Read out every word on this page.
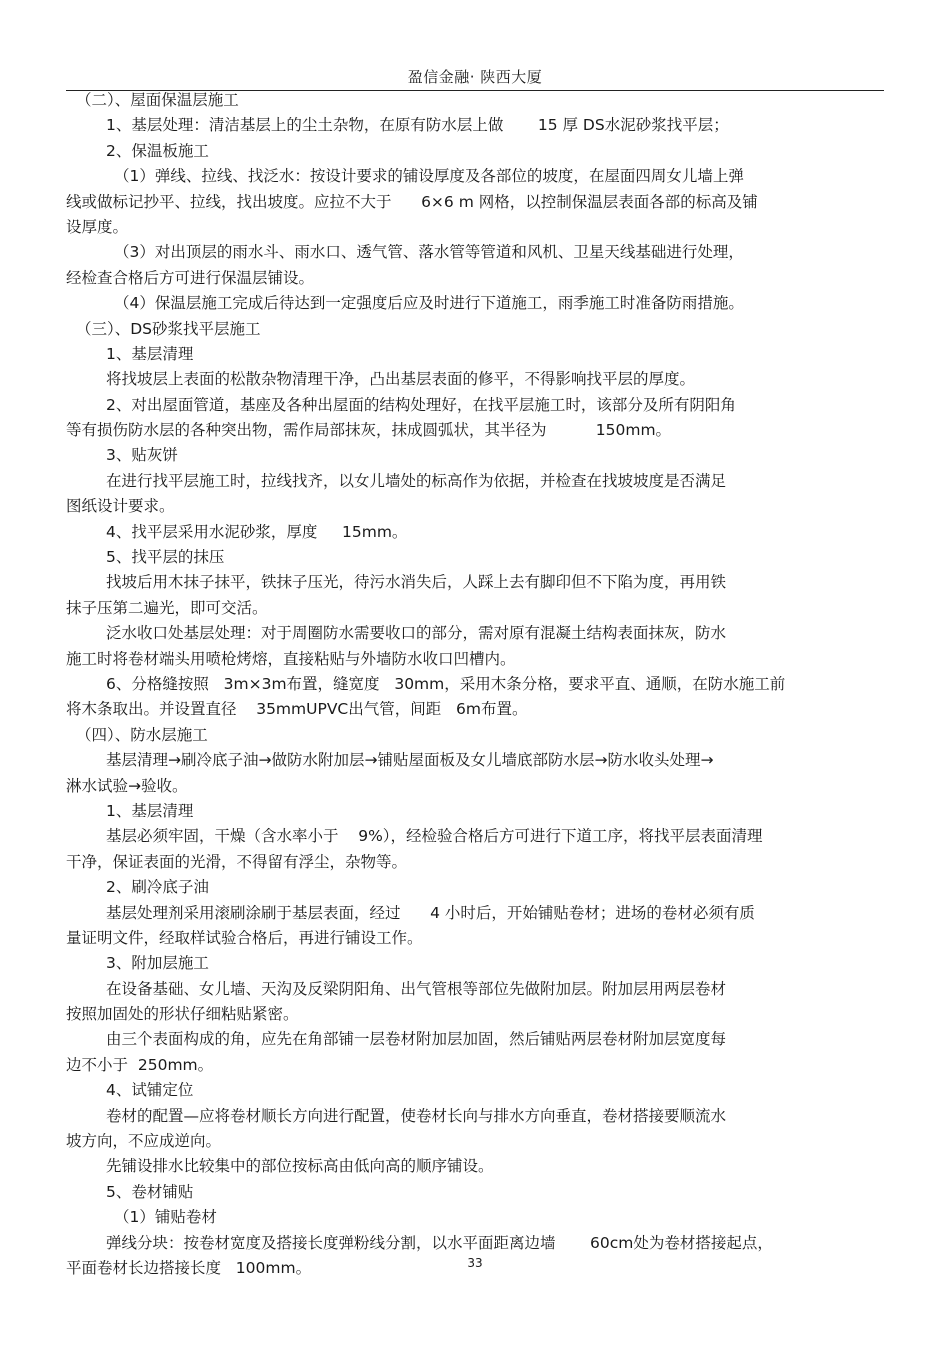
盈信金融· 陕西大厦
（二）、屋面保温层施工
1、基层处理：清洁基层上的尘土杂物，在原有防水层上做       15 厚 DS水泥砂浆找平层；
2、保温板施工
（1）弹线、拉线、找泛水：按设计要求的铺设厚度及各部位的坡度，在屋面四周女儿墙上弹
线或做标记抄平、拉线，找出坡度。应拉不大于      6×6 m 网格，以控制保温层表面各部的标高及铺
设厚度。
（3）对出顶层的雨水斗、雨水口、透气管、落水管等管道和风机、卫星天线基础进行处理，
经检查合格后方可进行保温层铺设。
（4）保温层施工完成后待达到一定强度后应及时进行下道施工，雨季施工时准备防雨措施。
（三）、DS砂浆找平层施工
1、基层清理
将找坡层上表面的松散杂物清理干净，凸出基层表面的修平，不得影响找平层的厚度。
2、对出屋面管道，基座及各种出屋面的结构处理好，在找平层施工时，该部分及所有阴阳角
等有损伤防水层的各种突出物，需作局部抹灰，抹成圆弧状，其半径为          150mm。
3、贴灰饼
在进行找平层施工时，拉线找齐，以女儿墙处的标高作为依据，并检查在找坡坡度是否满足
图纸设计要求。
4、找平层采用水泥砂浆，厚度     15mm。
5、找平层的抹压
找坡后用木抹子抹平，铁抹子压光，待污水消失后，人踩上去有脚印但不下陷为度，再用铁
抹子压第二遍光，即可交活。
泛水收口处基层处理：对于周圈防水需要收口的部分，需对原有混凝土结构表面抹灰，防水
施工时将卷材端头用喷枪烤熔，直接粘贴与外墙防水收口凹槽内。
6、分格缝按照   3m×3m布置，缝宽度   30mm，采用木条分格，要求平直、通顺，在防水施工前
将木条取出。并设置直径    35mmUPVC出气管，间距   6m布置。
（四）、防水层施工
基层清理→刷冷底子油→做防水附加层→铺贴屋面板及女儿墙底部防水层→防水收头处理→
淋水试验→验收。
1、基层清理
基层必须牢固，干燥（含水率小于    9%），经检验合格后方可进行下道工序，将找平层表面清理
干净，保证表面的光滑，不得留有浮尘，杂物等。
2、刷冷底子油
基层处理剂采用滚刷涂刷于基层表面，经过      4 小时后，开始铺贴卷材；进场的卷材必须有质
量证明文件，经取样试验合格后，再进行铺设工作。
3、附加层施工
在设备基础、女儿墙、天沟及反梁阴阳角、出气管根等部位先做附加层。附加层用两层卷材
按照加固处的形状仔细粘贴紧密。
由三个表面构成的角，应先在角部铺一层卷材附加层加固，然后铺贴两层卷材附加层宽度每
边不小于  250mm。
4、试铺定位
卷材的配置—应将卷材顺长方向进行配置，使卷材长向与排水方向垂直，卷材搭接要顺流水
坡方向，不应成逆向。
先铺设排水比较集中的部位按标高由低向高的顺序铺设。
5、卷材铺贴
（1）铺贴卷材
弹线分块：按卷材宽度及搭接长度弹粉线分割，以水平面距离边墙       60cm处为卷材搭接起点，
平面卷材长边搭接长度   100mm。	33
